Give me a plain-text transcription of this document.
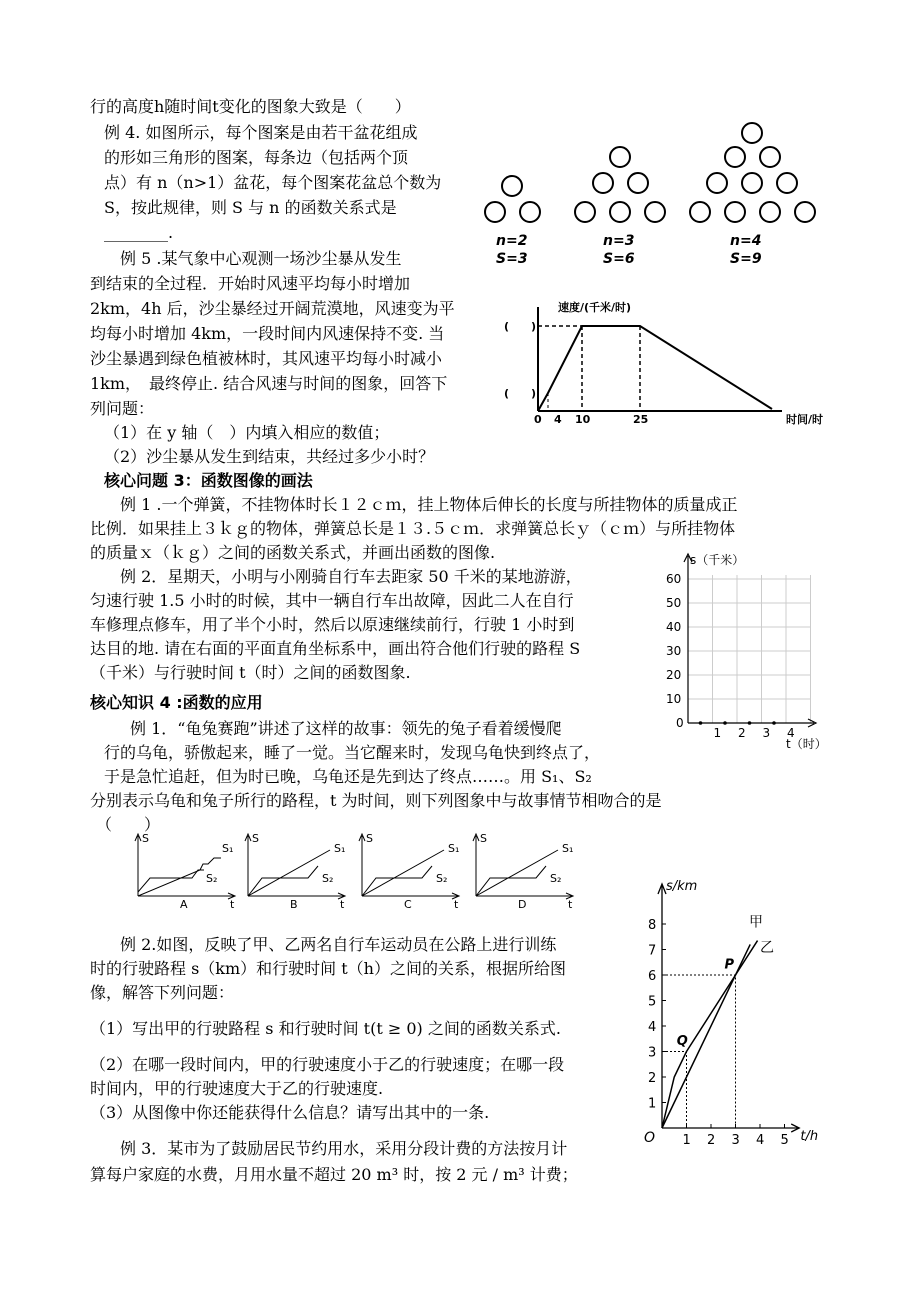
行的高度h随时间t变化的图象大致是（　　）
例 4. 如图所示，每个图案是由若干盆花组成
的形如三角形的图案，每条边（包括两个顶
点）有 n（n>1）盆花，每个图案花盆总个数为
S，按此规律，则 S 与 n 的函数关系式是
________.
例 5 .某气象中心观测一场沙尘暴从发生
到结束的全过程．开始时风速平均每小时增加
2km，4h 后，沙尘暴经过开阔荒漠地，风速变为平
均每小时增加 4km，一段时间内风速保持不变. 当
沙尘暴遇到绿色植被林时，其风速平均每小时减小
1km，　最终停止. 结合风速与时间的图象，回答下
列问题：
（1）在 y 轴（　）内填入相应的数值；
（2）沙尘暴从发生到结束，共经过多少小时？
核心问题 3：函数图像的画法
例 1 .一个弹簧，不挂物体时长１２ｃｍ，挂上物体后伸长的长度与所挂物体的质量成正
比例．如果挂上３ｋｇ的物体，弹簧总长是１３.５ｃｍ．求弹簧总长ｙ（ｃｍ）与所挂物体
的质量ｘ（ｋｇ）之间的函数关系式，并画出函数的图像.
例 2．星期天，小明与小刚骑自行车去距家 50 千米的某地游游，
匀速行驶 1.5 小时的时候，其中一辆自行车出故障，因此二人在自行
车修理点修车，用了半个小时，然后以原速继续前行，行驶 1 小时到
达目的地. 请在右面的平面直角坐标系中，画出符合他们行驶的路程 S
（千米）与行驶时间 t（时）之间的函数图象.
核心知识 4 :函数的应用
例 1．“龟兔赛跑”讲述了这样的故事：领先的兔子看着缓慢爬
行的乌龟，骄傲起来，睡了一觉。当它醒来时，发现乌龟快到终点了，
于是急忙追赶，但为时已晚，乌龟还是先到达了终点……。用 S₁、S₂
分别表示乌龟和兔子所行的路程，t 为时间，则下列图象中与故事情节相吻合的是
（　　）
例 2.如图，反映了甲、乙两名自行车运动员在公路上进行训练
时的行驶路程 s（km）和行驶时间 t（h）之间的关系，根据所给图
像，解答下列问题：
（1）写出甲的行驶路程 s 和行驶时间 t(t ≥ 0) 之间的函数关系式.
（2）在哪一段时间内，甲的行驶速度小于乙的行驶速度；在哪一段
时间内，甲的行驶速度大于乙的行驶速度.
（3）从图像中你还能获得什么信息？请写出其中的一条.
例 3．某市为了鼓励居民节约用水，采用分段计费的方法按月计
算每户家庭的水费，月用水量不超过 20 m³ 时，按 2 元 / m³ 计费；
n=2
S=3
n=3
S=6
n=4
S=9
速度/(千米/时)
时间/时
(　　)
(　　)
0 4 10	25
s（千米）
t（时）
60
50
40
30
20
10
0
1 2 3 4
S
t
S₁
S₂
A
S
t
S₁
S₂
B
S
t
S₁
S₂
C
S
t
S₁
S₂
D
8
7
6
5
4
3
2
1
1 2 3 4 5
s/km
t/h
O
甲
乙
P
Q
